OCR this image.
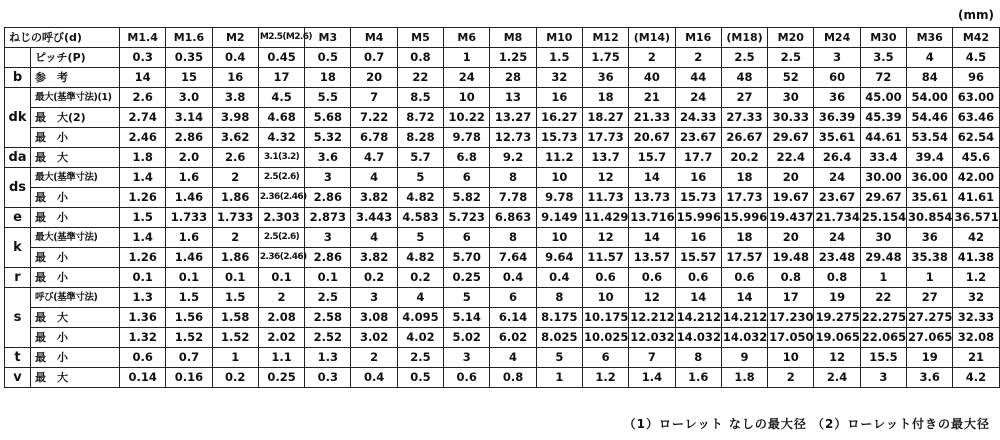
(mm)
ねじの呼び(d)		M1.4	M1.6	M2	M2.5(M2.6)	M3	M4	M5	M6	M8	M10	M12	(M14)	M16	(M18)	M20	M24	M30	M36	M42
	ピッチ(P)	0.3	0.35	0.4	0.45	0.5	0.7	0.8	1	1.25	1.5	1.75	2	2	2.5	2.5	3	3.5	4	4.5
b	参　考	14	15	16	17	18	20	22	24	28	32	36	40	44	48	52	60	72	84	96
dk	最大(基準寸法)(1)	2.6	3.0	3.8	4.5	5.5	7	8.5	10	13	16	18	21	24	27	30	36	45.00	54.00	63.00
	最　大(2)	2.74	3.14	3.98	4.68	5.68	7.22	8.72	10.22	13.27	16.27	18.27	21.33	24.33	27.33	30.33	36.39	45.39	54.46	63.46
	最　小	2.46	2.86	3.62	4.32	5.32	6.78	8.28	9.78	12.73	15.73	17.73	20.67	23.67	26.67	29.67	35.61	44.61	53.54	62.54
da	最　大	1.8	2.0	2.6	3.1(3.2)	3.6	4.7	5.7	6.8	9.2	11.2	13.7	15.7	17.7	20.2	22.4	26.4	33.4	39.4	45.6
ds	最大(基準寸法)	1.4	1.6	2	2.5(2.6)	3	4	5	6	8	10	12	14	16	18	20	24	30.00	36.00	42.00
	最　小	1.26	1.46	1.86	2.36(2.46)	2.86	3.82	4.82	5.82	7.78	9.78	11.73	13.73	15.73	17.73	19.67	23.67	29.67	35.61	41.61
e	最　小	1.5	1.733	1.733	2.303	2.873	3.443	4.583	5.723	6.863	9.149	11.429	13.716	15.996	15.996	19.437	21.734	25.154	30.854	36.571
k	最大(基準寸法)	1.4	1.6	2	2.5(2.6)	3	4	5	6	8	10	12	14	16	18	20	24	30	36	42
	最　小	1.26	1.46	1.86	2.36(2.46)	2.86	3.82	4.82	5.70	7.64	9.64	11.57	13.57	15.57	17.57	19.48	23.48	29.48	35.38	41.38
r	最　小	0.1	0.1	0.1	0.1	0.1	0.2	0.2	0.25	0.4	0.4	0.6	0.6	0.6	0.6	0.8	0.8	1	1	1.2
s	呼び(基準寸法)	1.3	1.5	1.5	2	2.5	3	4	5	6	8	10	12	14	14	17	19	22	27	32
	最　大	1.36	1.56	1.58	2.08	2.58	3.08	4.095	5.14	6.14	8.175	10.175	12.212	14.212	14.212	17.230	19.275	22.275	27.275	32.33
	最　小	1.32	1.52	1.52	2.02	2.52	3.02	4.02	5.02	6.02	8.025	10.025	12.032	14.032	14.032	17.050	19.065	22.065	27.065	32.08
t	最　小	0.6	0.7	1	1.1	1.3	2	2.5	3	4	5	6	7	8	9	10	12	15.5	19	21
v	最　大	0.14	0.16	0.2	0.25	0.3	0.4	0.5	0.6	0.8	1	1.2	1.4	1.6	1.8	2	2.4	3	3.6	4.2
（1）ローレット なしの最大径 （2）ローレット付きの最大径
